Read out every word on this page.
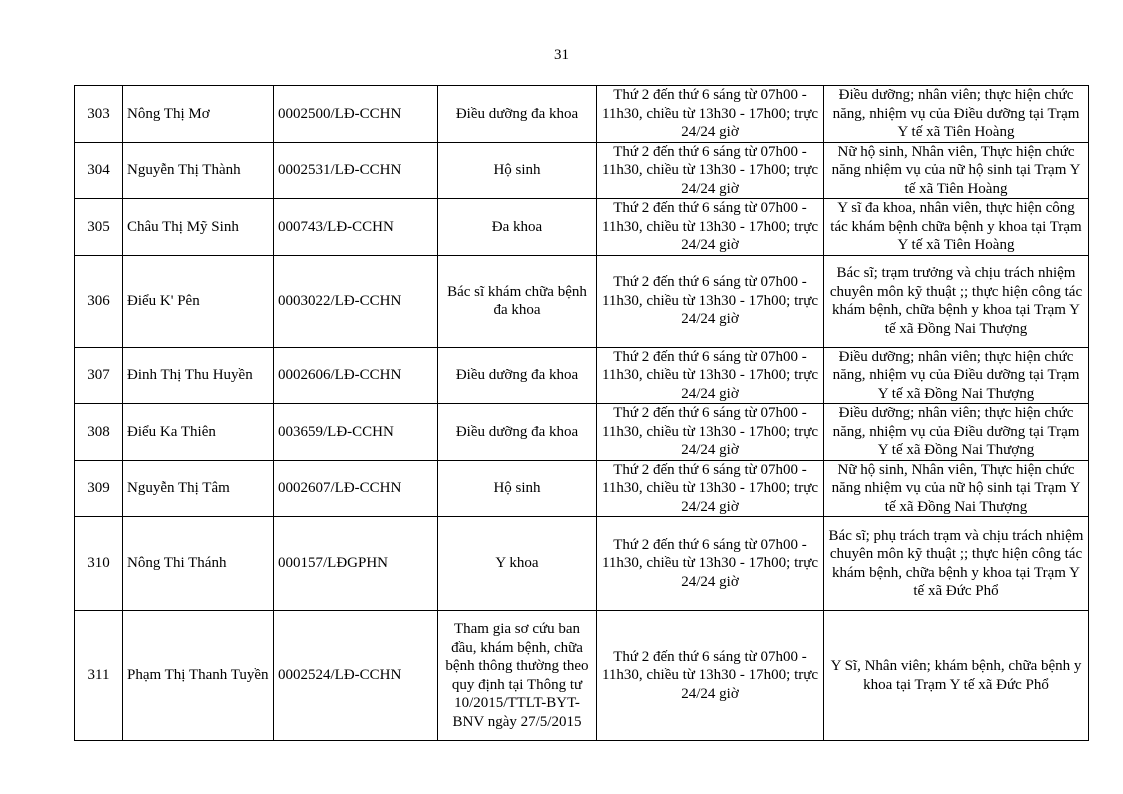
31
303	Nông Thị Mơ	0002500/LĐ-CCHN	Điều dưỡng đa khoa	Thứ 2 đến thứ 6 sáng từ 07h00 - 11h30, chiều từ 13h30 - 17h00; trực 24/24 giờ	Điều dưỡng; nhân viên; thực hiện chức năng, nhiệm vụ của Điều dưỡng tại Trạm Y tế xã Tiên Hoàng
304	Nguyễn Thị Thành	0002531/LĐ-CCHN	Hộ sinh	Thứ 2 đến thứ 6 sáng từ 07h00 - 11h30, chiều từ 13h30 - 17h00; trực 24/24 giờ	Nữ hộ sinh, Nhân viên, Thực hiện chức năng nhiệm vụ của nữ hộ sinh tại Trạm Y tế xã Tiên Hoàng
305	Châu Thị Mỹ Sinh	000743/LĐ-CCHN	Đa khoa	Thứ 2 đến thứ 6 sáng từ 07h00 - 11h30, chiều từ 13h30 - 17h00; trực 24/24 giờ	Y sĩ đa khoa, nhân viên, thực hiện công tác khám bệnh chữa bệnh y khoa tại Trạm Y tế xã Tiên Hoàng
306	Điểu K' Pên	0003022/LĐ-CCHN	Bác sĩ khám chữa bệnh đa khoa	Thứ 2 đến thứ 6 sáng từ 07h00 - 11h30, chiều từ 13h30 - 17h00; trực 24/24 giờ	Bác sĩ; trạm trưởng và chịu trách nhiệm chuyên môn kỹ thuật ;; thực hiện công tác khám bệnh, chữa bệnh y khoa tại Trạm Y tế xã Đồng Nai Thượng
307	Đinh Thị Thu Huyền	0002606/LĐ-CCHN	Điều dưỡng đa khoa	Thứ 2 đến thứ 6 sáng từ 07h00 - 11h30, chiều từ 13h30 - 17h00; trực 24/24 giờ	Điều dưỡng; nhân viên; thực hiện chức năng, nhiệm vụ của Điều dưỡng tại Trạm Y tế xã Đồng Nai Thượng
308	Điểu Ka Thiên	003659/LĐ-CCHN	Điều dưỡng đa khoa	Thứ 2 đến thứ 6 sáng từ 07h00 - 11h30, chiều từ 13h30 - 17h00; trực 24/24 giờ	Điều dưỡng; nhân viên; thực hiện chức năng, nhiệm vụ của Điều dưỡng tại Trạm Y tế xã Đồng Nai Thượng
309	Nguyễn Thị Tâm	0002607/LĐ-CCHN	Hộ sinh	Thứ 2 đến thứ 6 sáng từ 07h00 - 11h30, chiều từ 13h30 - 17h00; trực 24/24 giờ	Nữ hộ sinh, Nhân viên, Thực hiện chức năng nhiệm vụ của nữ hộ sinh tại Trạm Y tế xã Đồng Nai Thượng
310	Nông Thi Thánh	000157/LĐGPHN	Y khoa	Thứ 2 đến thứ 6 sáng từ 07h00 - 11h30, chiều từ 13h30 - 17h00; trực 24/24 giờ	Bác sĩ; phụ trách trạm và chịu trách nhiệm chuyên môn kỹ thuật ;; thực hiện công tác khám bệnh, chữa bệnh y khoa tại Trạm Y tế xã Đức Phổ
311	Phạm Thị Thanh Tuyền	0002524/LĐ-CCHN	Tham gia sơ cứu ban đầu, khám bệnh, chữa bệnh thông thường theo quy định tại Thông tư 10/2015/TTLT-BYT-BNV ngày 27/5/2015	Thứ 2 đến thứ 6 sáng từ 07h00 - 11h30, chiều từ 13h30 - 17h00; trực 24/24 giờ	Y Sĩ, Nhân viên; khám bệnh, chữa bệnh y khoa tại Trạm Y tế xã Đức Phổ
